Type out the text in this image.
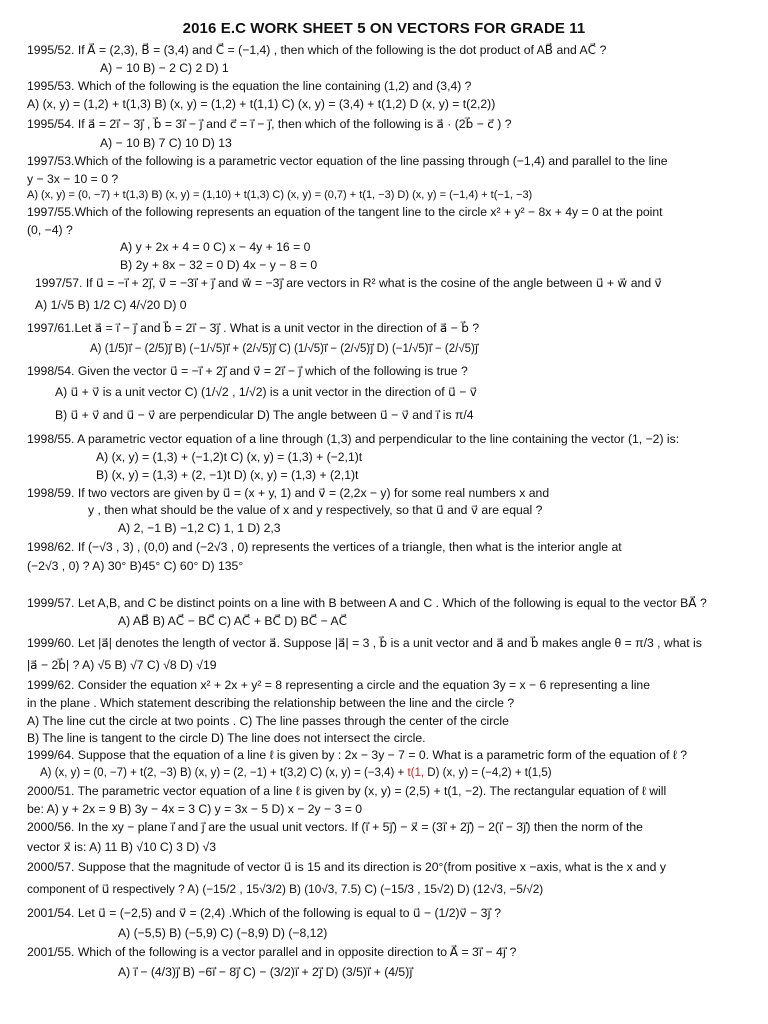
2016 E.C WORK SHEET 5 ON VECTORS FOR GRADE 11
1995/52. If A⃗ = (2,3), B⃗ = (3,4) and C⃗ = (−1,4) , then which of the following is the dot product of AB⃗ and AC⃗ ?
A) − 10 B) − 2 C) 2 D) 1
1995/53. Which of the following is the equation the line containing (1,2) and (3,4) ?
A) (x, y) = (1,2) + t(1,3) B) (x, y) = (1,2) + t(1,1) C) (x, y) = (3,4) + t(1,2) D (x, y) = t(2,2))
1995/54. If a⃗ = 2i⃗ − 3j⃗ , b⃗ = 3i⃗ − j⃗ and c⃗ = i⃗ − j⃗, then which of the following is a⃗ · (2b⃗ − c⃗ ) ?
A) − 10 B) 7 C) 10 D) 13
1997/53.Which of the following is a parametric vector equation of the line passing through (−1,4) and parallel to the line
y − 3x − 10 = 0 ?
A) (x, y) = (0, −7) + t(1,3) B) (x, y) = (1,10) + t(1,3) C) (x, y) = (0,7) + t(1, −3) D) (x, y) = (−1,4) + t(−1, −3)
1997/55.Which of the following represents an equation of the tangent line to the circle x² + y² − 8x + 4y = 0 at the point
(0, −4) ?
A) y + 2x + 4 = 0 C) x − 4y + 16 = 0
B) 2y + 8x − 32 = 0 D) 4x − y − 8 = 0
1997/57. If u⃗ = −i⃗ + 2j⃗, v⃗ = −3i⃗ + j⃗ and w⃗ = −3j⃗ are vectors in R² what is the cosine of the angle between u⃗ + w⃗ and v⃗
A) 1/√5 B) 1/2 C) 4/√20 D) 0
1997/61.Let a⃗ = i⃗ − j⃗ and b⃗ = 2i⃗ − 3j⃗ . What is a unit vector in the direction of a⃗ − b⃗ ?
A) (1/5)i⃗ − (2/5)j⃗ B) (−1/√5)i⃗ + (2/√5)j⃗ C) (1/√5)i⃗ − (2/√5)j⃗ D) (−1/√5)i⃗ − (2/√5)j⃗
1998/54. Given the vector u⃗ = −i⃗ + 2j⃗ and v⃗ = 2i⃗ − j⃗ which of the following is true ?
A) u⃗ + v⃗ is a unit vector C) (1/√2 , 1/√2) is a unit vector in the direction of u⃗ − v⃗
B) u⃗ + v⃗ and u⃗ − v⃗ are perpendicular D) The angle between u⃗ − v⃗ and i⃗ is π/4
1998/55. A parametric vector equation of a line through (1,3) and perpendicular to the line containing the vector (1, −2) is:
A) (x, y) = (1,3) + (−1,2)t C) (x, y) = (1,3) + (−2,1)t
B) (x, y) = (1,3) + (2, −1)t D) (x, y) = (1,3) + (2,1)t
1998/59. If two vectors are given by u⃗ = (x + y, 1) and v⃗ = (2,2x − y) for some real numbers x and
y , then what should be the value of x and y respectively, so that u⃗ and v⃗ are equal ?
A) 2, −1 B) −1,2 C) 1, 1 D) 2,3
1998/62. If (−√3 , 3) , (0,0) and (−2√3 , 0) represents the vertices of a triangle, then what is the interior angle at
(−2√3 , 0) ? A) 30° B)45° C) 60° D) 135°
1999/57. Let A,B, and C be distinct points on a line with B between A and C . Which of the following is equal to the vector BA⃗ ?
A) AB⃗ B) AC⃗ − BC⃗ C) AC⃗ + BC⃗ D) BC⃗ − AC⃗
1999/60. Let |a⃗| denotes the length of vector a⃗. Suppose |a⃗| = 3 , b⃗ is a unit vector and a⃗ and b⃗ makes angle θ = π/3 , what is
|a⃗ − 2b⃗| ? A) √5 B) √7 C) √8 D) √19
1999/62. Consider the equation x² + 2x + y² = 8 representing a circle and the equation 3y = x − 6 representing a line
in the plane . Which statement describing the relationship between the line and the circle ?
A) The line cut the circle at two points . C) The line passes through the center of the circle
B) The line is tangent to the circle D) The line does not intersect the circle.
1999/64. Suppose that the equation of a line ℓ is given by : 2x − 3y − 7 = 0. What is a parametric form of the equation of ℓ ?
A) (x, y) = (0, −7) + t(2, −3) B) (x, y) = (2, −1) + t(3,2) C) (x, y) = (−3,4) + t(1, D) (x, y) = (−4,2) + t(1,5)
2000/51. The parametric vector equation of a line ℓ is given by (x, y) = (2,5) + t(1, −2). The rectangular equation of ℓ will
be: A) y + 2x = 9 B) 3y − 4x = 3 C) y = 3x − 5 D) x − 2y − 3 = 0
2000/56. In the xy − plane i⃗ and j⃗ are the usual unit vectors. If (i⃗ + 5j⃗) − x⃗ = (3i⃗ + 2j⃗) − 2(i⃗ − 3j⃗) then the norm of the
vector x⃗ is: A) 11 B) √10 C) 3 D) √3
2000/57. Suppose that the magnitude of vector u⃗ is 15 and its direction is 20°(from positive x −axis, what is the x and y
component of u⃗ respectively ? A) (−15/2 , 15√3/2) B) (10√3, 7.5) C) (−15/3 , 15√2) D) (12√3, −5/√2)
2001/54. Let u⃗ = (−2,5) and v⃗ = (2,4) .Which of the following is equal to u⃗ − (1/2)v⃗ − 3j⃗ ?
A) (−5,5) B) (−5,9) C) (−8,9) D) (−8,12)
2001/55. Which of the following is a vector parallel and in opposite direction to A⃗ = 3i⃗ − 4j⃗ ?
A) i⃗ − (4/3)j⃗ B) −6i⃗ − 8j⃗ C) − (3/2)i⃗ + 2j⃗ D) (3/5)i⃗ + (4/5)j⃗
